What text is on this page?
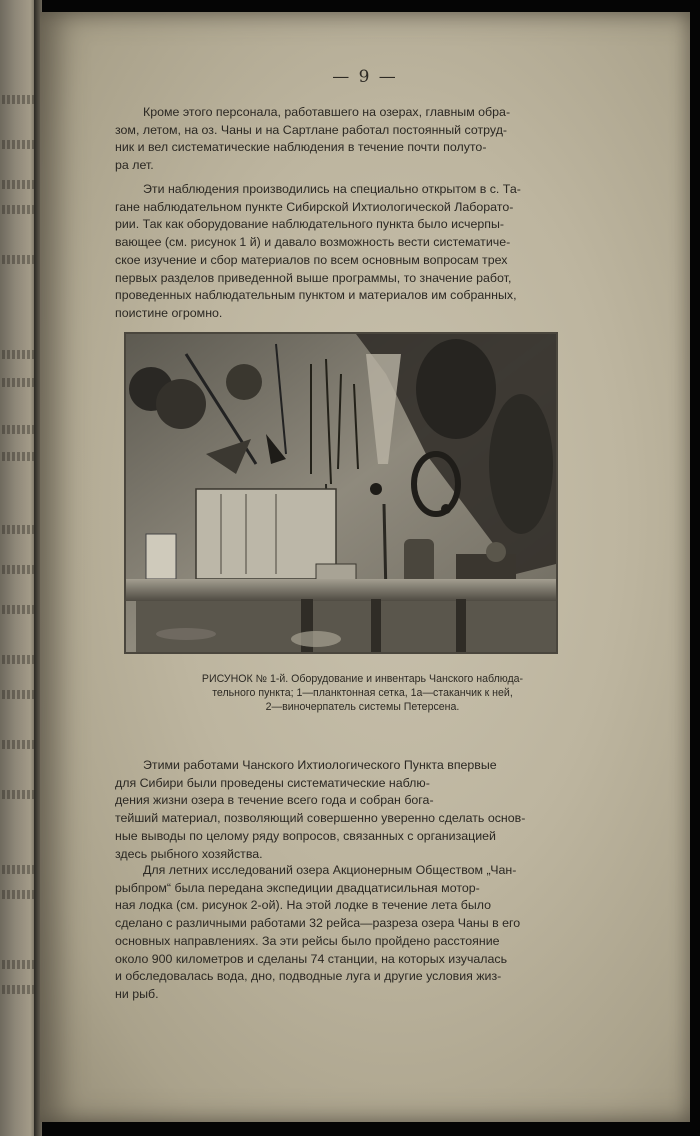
— 9 —

Кроме этого персонала, работавшего на озерах, главным обра-
зом, летом, на оз. Чаны и на Сартлане работал постоянный сотруд-
ник и вел систематические наблюдения в течение почти полуто-
ра лет.

Эти наблюдения производились на специально открытом в с. Та-
гане наблюдательном пункте Сибирской Ихтиологической Лаборато-
рии. Так как оборудование наблюдательного пункта было исчерпы-
вающее (см. рисунок 1 й) и давало возможность вести систематиче-
ское изучение и сбор материалов по всем основным вопросам трех
первых разделов приведенной выше программы, то значение работ,
проведенных наблюдательным пунктом и материалов им собранных,
поистине огромно.

РИСУНОК № 1-й. Оборудование и инвентарь Чанского наблюда-
тельного пункта; 1—планктонная сетка, 1а—стаканчик к ней,
2—виночерпатель системы Петерсена.

Этими работами Чанского Ихтиологического Пункта впервые
для Сибири были проведены систематические наблю-
дения жизни озера в течение всего года и собран бога-
тейший материал, позволяющий совершенно уверенно сделать основ-
ные выводы по целому ряду вопросов, связанных с организацией
здесь рыбного хозяйства.

Для летних исследований озера Акционерным Обществом „Чан-
рыбпром“ была передана экспедиции двадцатисильная мотор-
ная лодка (см. рисунок 2-ой). На этой лодке в течение лета было
сделано с различными работами 32 рейса—разреза озера Чаны в его
основных направлениях. За эти рейсы было пройдено расстояние
около 900 километров и сделаны 74 станции, на которых изучалась
и обследовалась вода, дно, подводные луга и другие условия жиз-
ни рыб.
